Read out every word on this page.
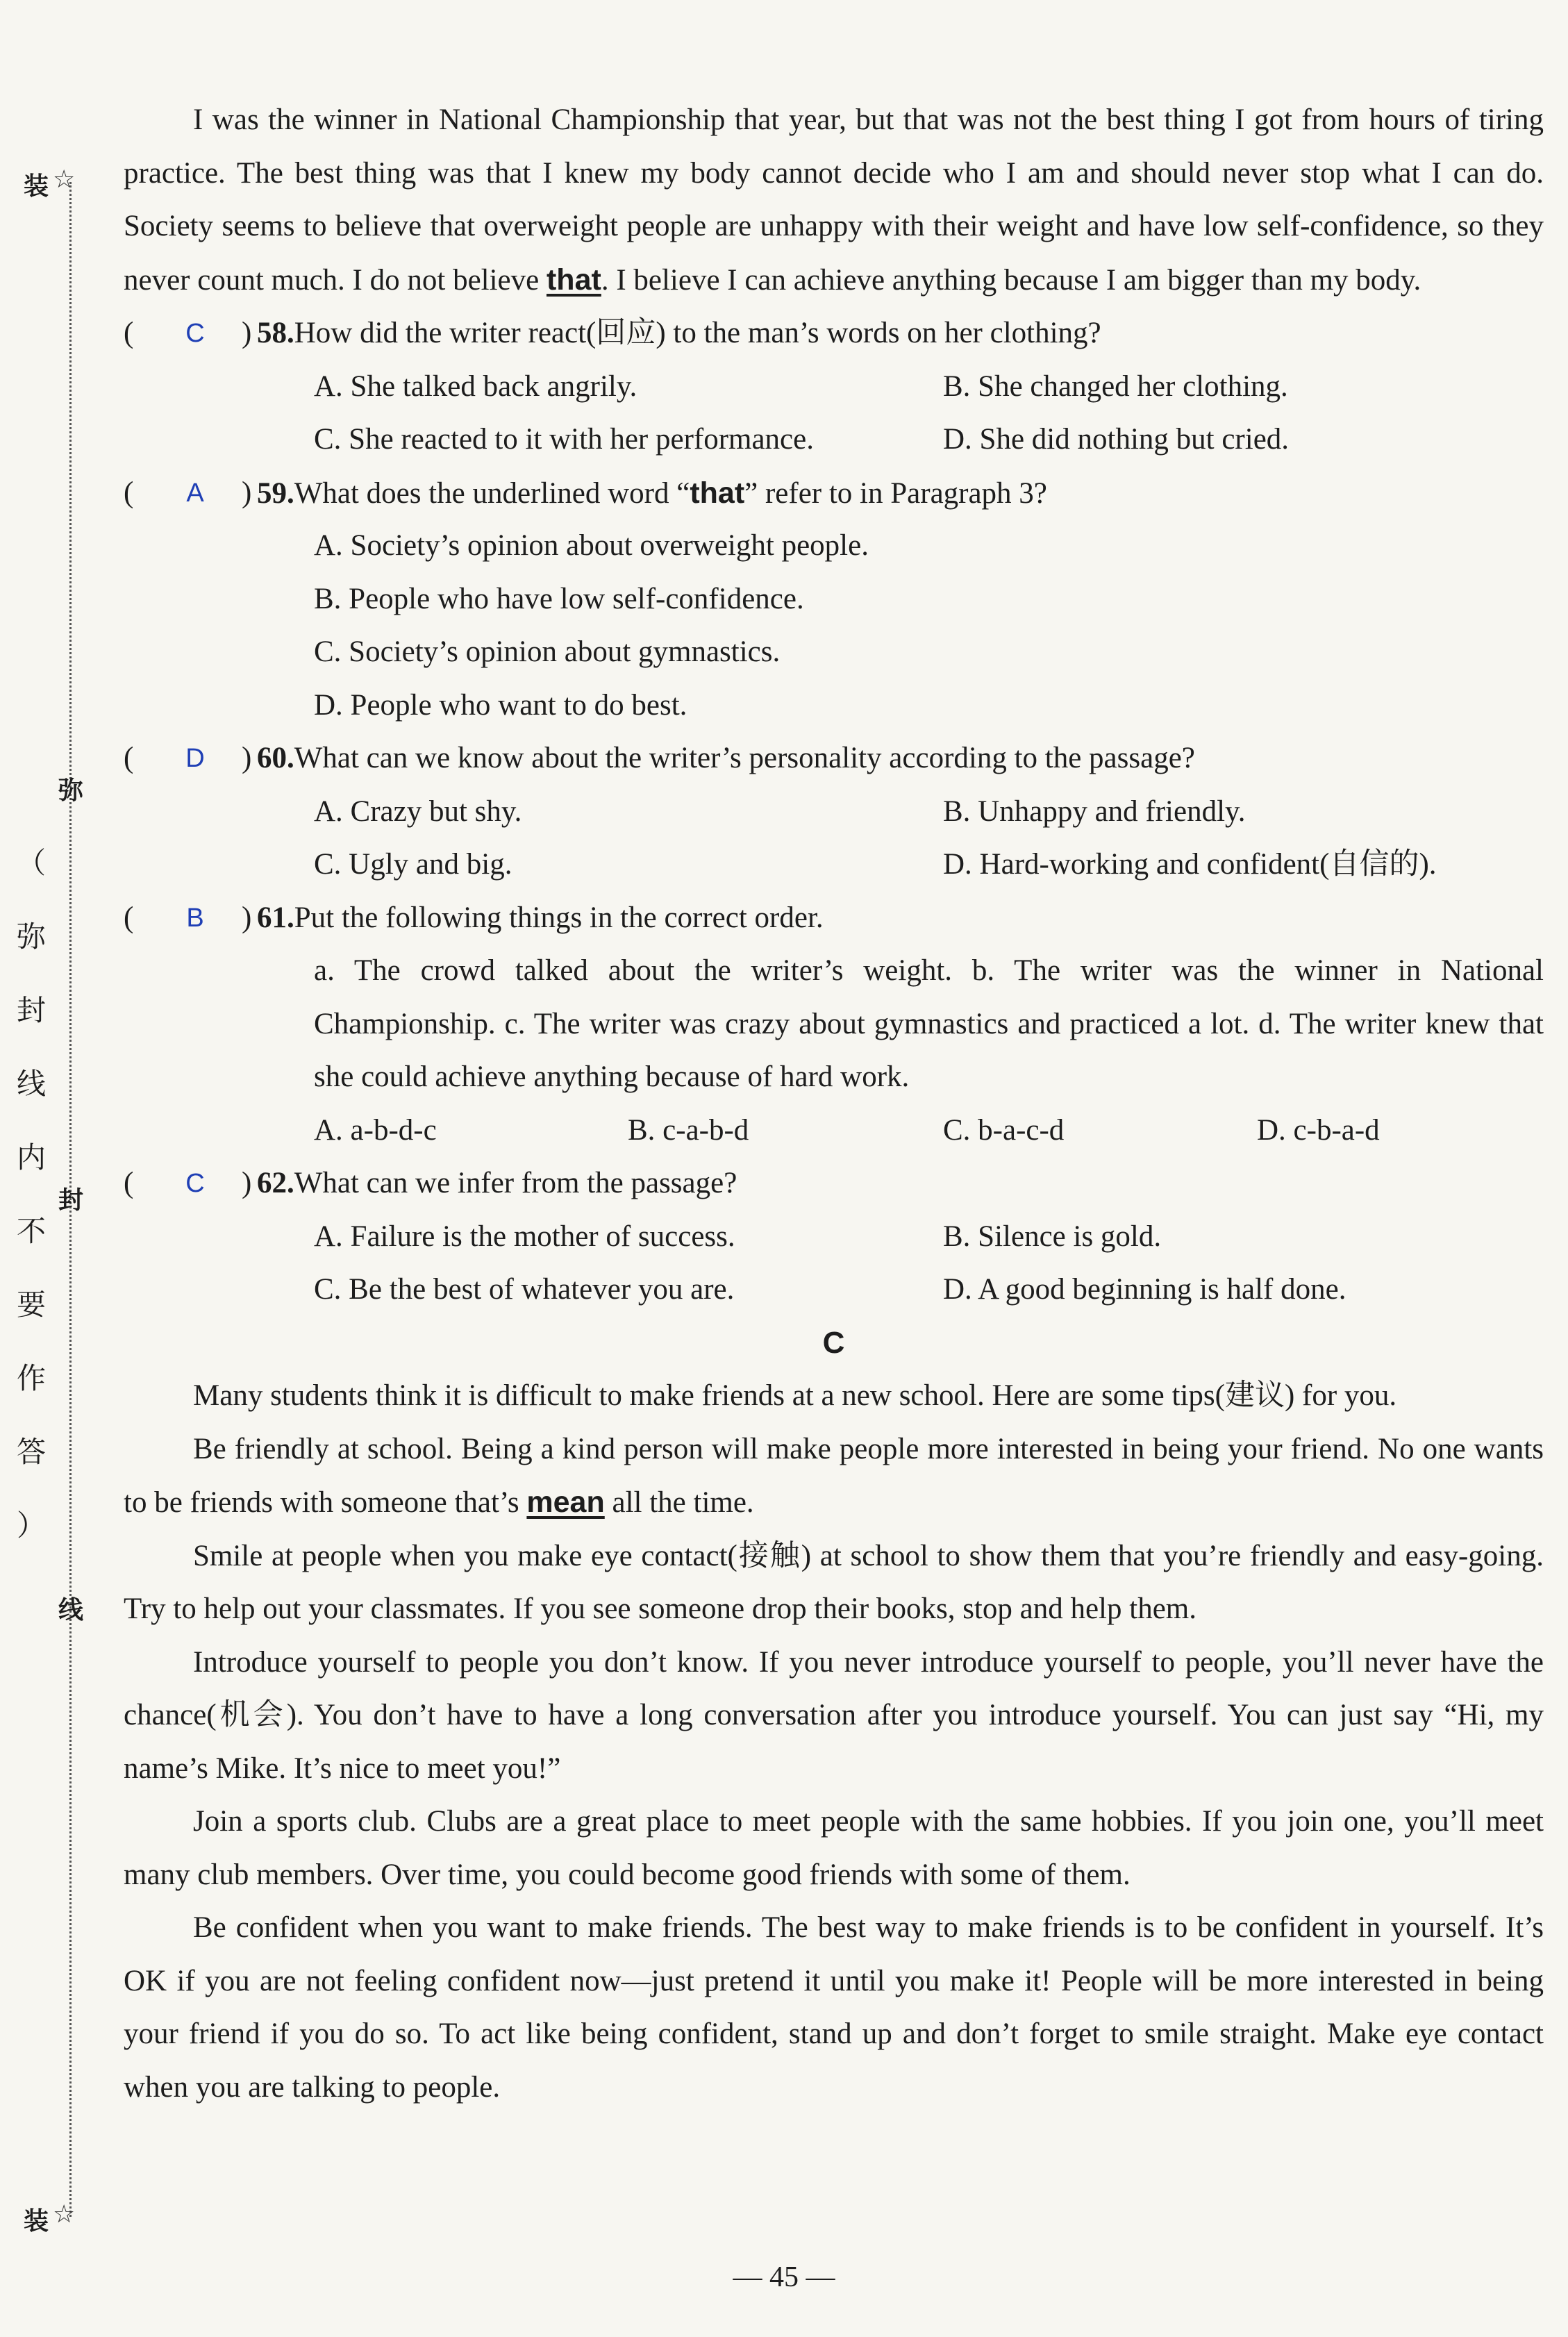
装 ☆
弥
（
弥
封
线
内
不
要
作
答
）
封
线
装 ☆

I was the winner in National Championship that year, but that was not the best thing I got from hours of tiring practice. The best thing was that I knew my body cannot decide who I am and should never stop what I can do. Society seems to believe that overweight people are unhappy with their weight and have low self-confidence, so they never count much. I do not believe that. I believe I can achieve anything because I am bigger than my body.

( C ) 58.How did the writer react(回应) to the man’s words on her clothing?
A. She talked back angrily.	B. She changed her clothing.
C. She reacted to it with her performance.	D. She did nothing but cried.
(	A ) 59.What does the underlined word “that” refer to in Paragraph 3?
A. Society’s opinion about overweight people.
B. People who have low self-confidence.
C. Society’s opinion about gymnastics.
D. People who want to do best.
( D ) 60.What can we know about the writer’s personality according to the passage?
A. Crazy but shy.	B. Unhappy and friendly.
C. Ugly and big.	D. Hard-working and confident(自信的).
(	B ) 61.Put the following things in the correct order.
a. The crowd talked about the writer’s weight. b. The writer was the winner in National Championship. c. The writer was crazy about gymnastics and practiced a lot. d. The writer knew that she could achieve anything because of hard work.
A. a-b-d-c	B. c-a-b-d	C. b-a-c-d	D. c-b-a-d
( C ) 62.What can we infer from the passage?
A. Failure is the mother of success.	B. Silence is gold.
C. Be the best of whatever you are.	D. A good beginning is half done.
C

Many students think it is difficult to make friends at a new school. Here are some tips(建议) for you.

Be friendly at school. Being a kind person will make people more interested in being your friend. No one wants to be friends with someone that’s mean all the time.

Smile at people when you make eye contact(接触) at school to show them that you’re friendly and easy-going. Try to help out your classmates. If you see someone drop their books, stop and help them.

Introduce yourself to people you don’t know. If you never introduce yourself to people, you’ll never have the chance(机会). You don’t have to have a long conversation after you introduce yourself. You can just say “Hi, my name’s Mike. It’s nice to meet you!”

Join a sports club. Clubs are a great place to meet people with the same hobbies. If you join one, you’ll meet many club members. Over time, you could become good friends with some of them.

Be confident when you want to make friends. The best way to make friends is to be confident in yourself. It’s OK if you are not feeling confident now—just pretend it until you make it! People will be more interested in being your friend if you do so. To act like being confident, stand up and don’t forget to smile straight. Make eye contact when you are talking to people.

— 45 —
